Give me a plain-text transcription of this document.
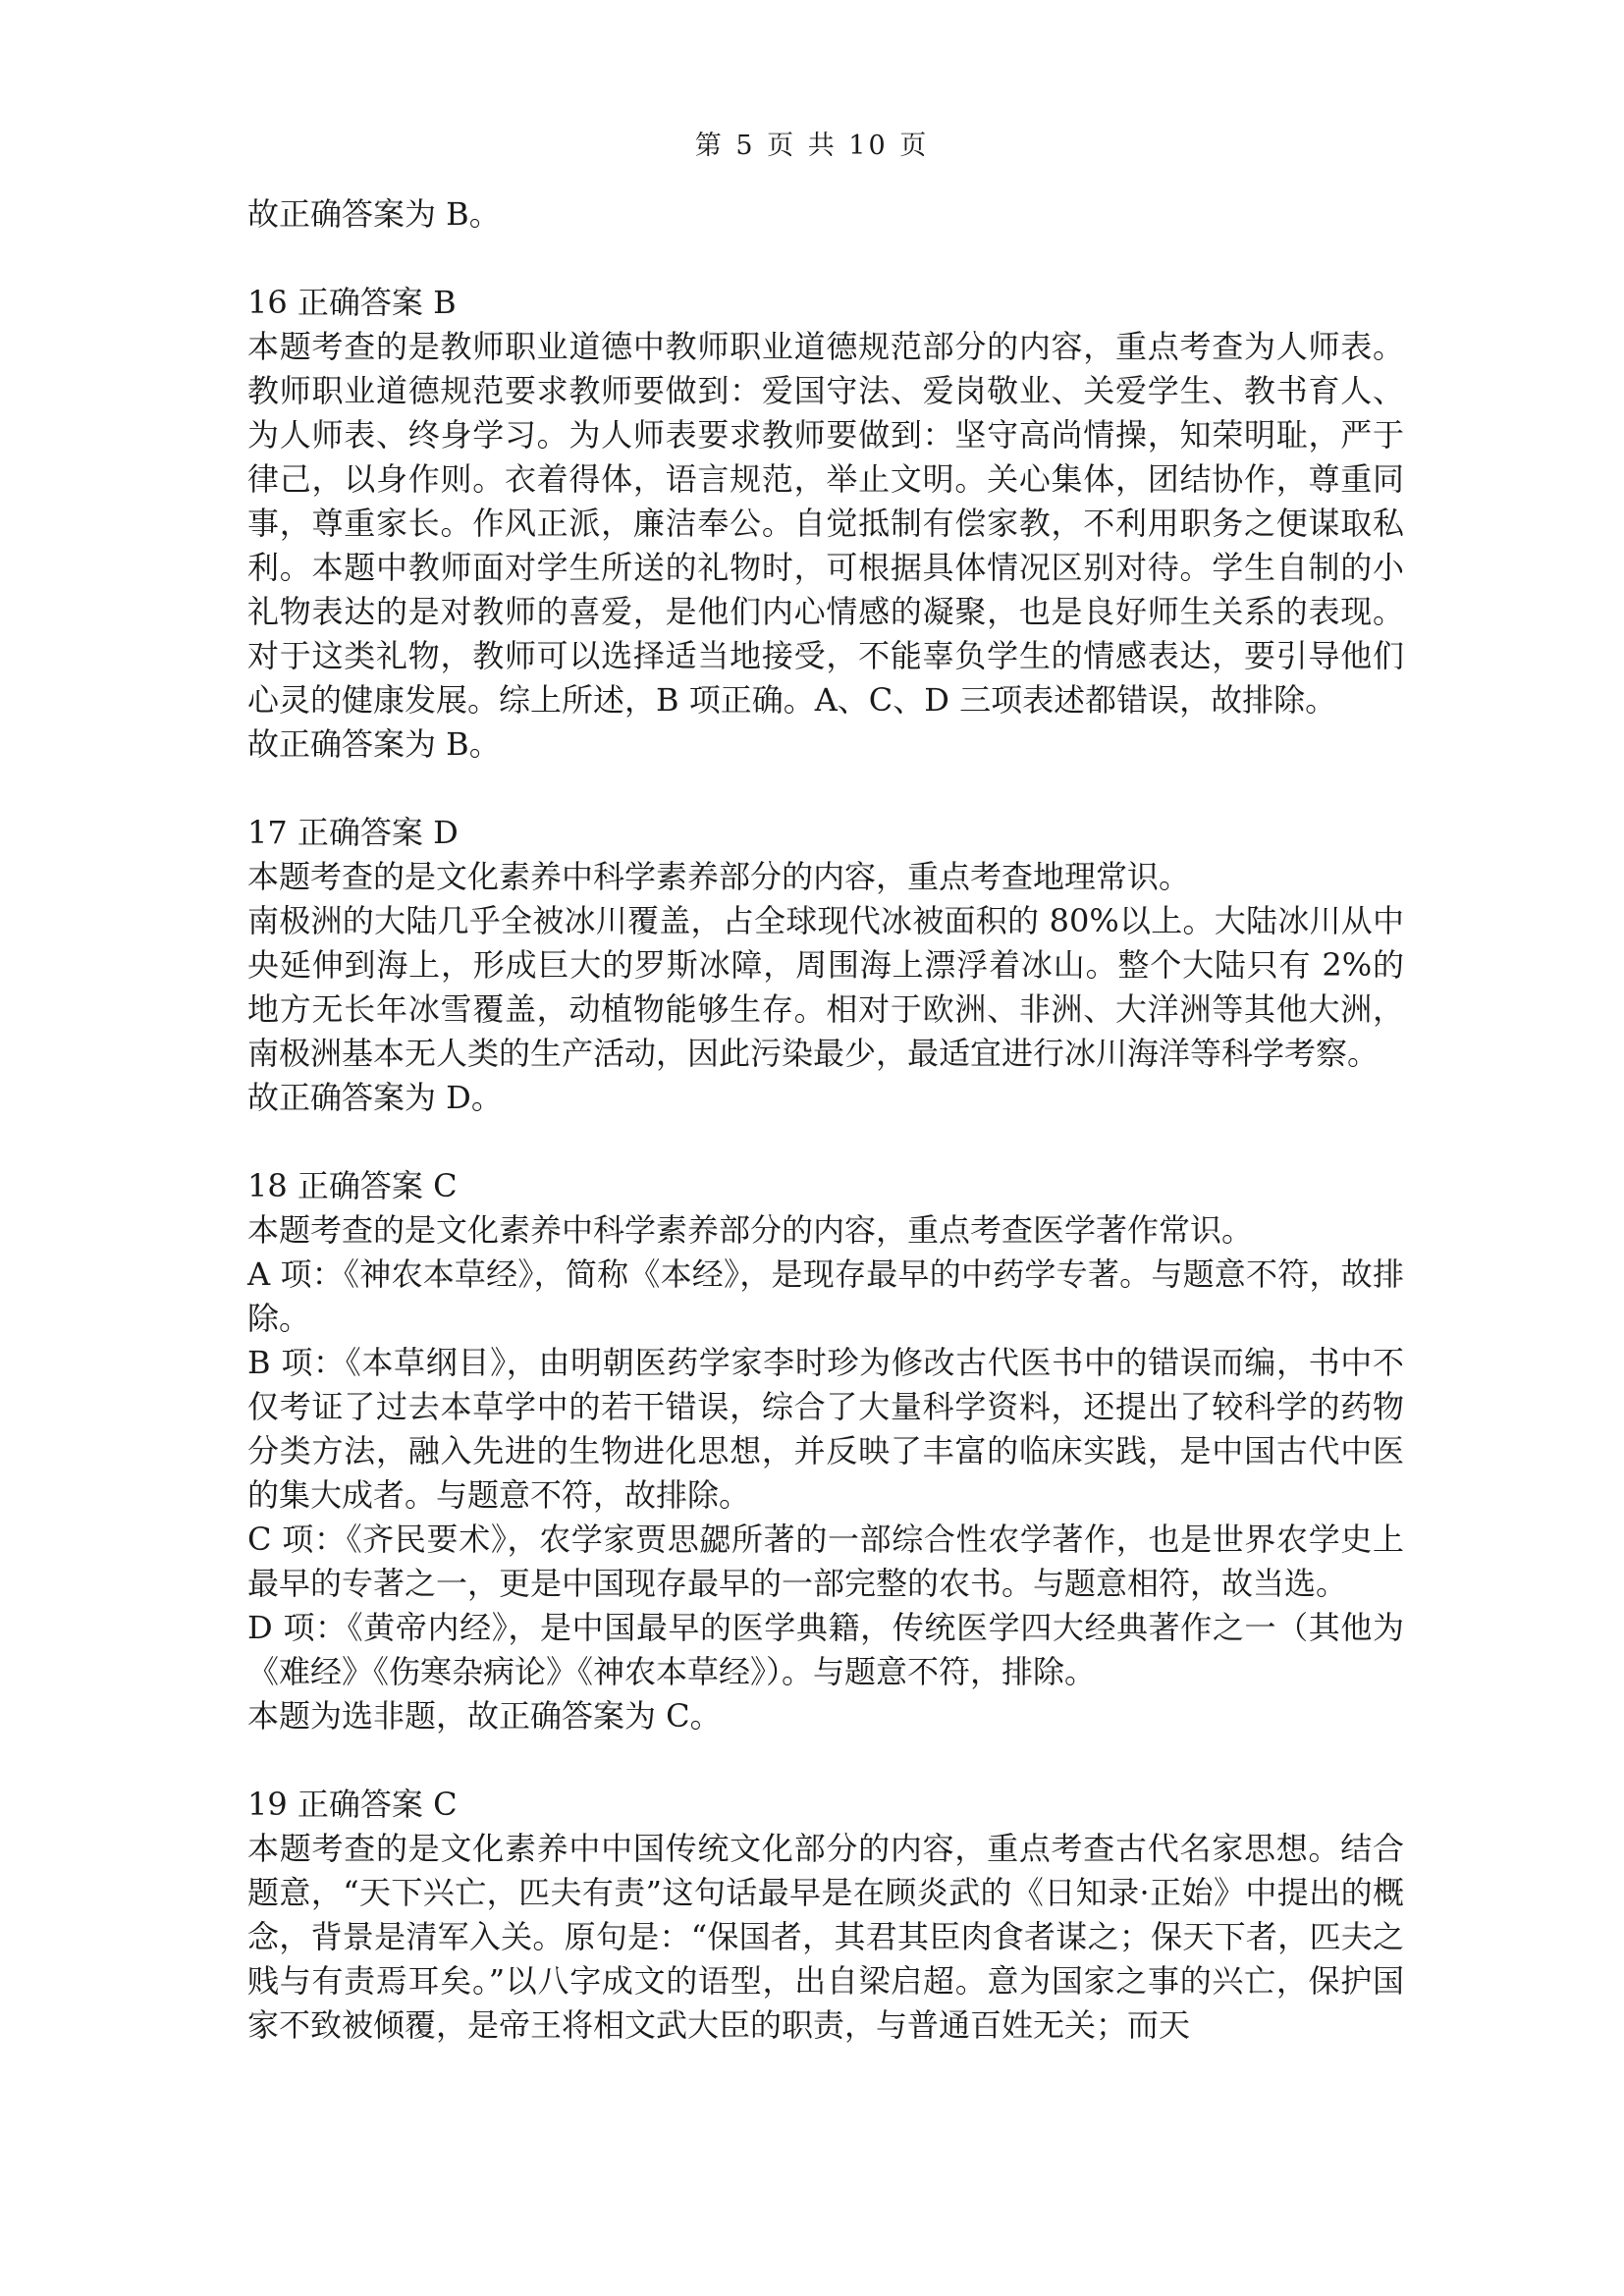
第 5 页 共 10 页

故正确答案为 B。

16 正确答案 B

本题考查的是教师职业道德中教师职业道德规范部分的内容，重点考查为人师表。教师职业道德规范要求教师要做到：爱国守法、爱岗敬业、关爱学生、教书育人、为人师表、终身学习。为人师表要求教师要做到：坚守高尚情操，知荣明耻，严于律己，以身作则。衣着得体，语言规范，举止文明。关心集体，团结协作，尊重同事，尊重家长。作风正派，廉洁奉公。自觉抵制有偿家教，不利用职务之便谋取私利。本题中教师面对学生所送的礼物时，可根据具体情况区别对待。学生自制的小礼物表达的是对教师的喜爱，是他们内心情感的凝聚，也是良好师生关系的表现。对于这类礼物，教师可以选择适当地接受，不能辜负学生的情感表达，要引导他们心灵的健康发展。综上所述，B 项正确。A、C、D 三项表述都错误，故排除。

故正确答案为 B。

17 正确答案 D

本题考查的是文化素养中科学素养部分的内容，重点考查地理常识。

南极洲的大陆几乎全被冰川覆盖，占全球现代冰被面积的 80%以上。大陆冰川从中央延伸到海上，形成巨大的罗斯冰障，周围海上漂浮着冰山。整个大陆只有 2%的地方无长年冰雪覆盖，动植物能够生存。相对于欧洲、非洲、大洋洲等其他大洲，南极洲基本无人类的生产活动，因此污染最少，最适宜进行冰川海洋等科学考察。

故正确答案为 D。

18 正确答案 C

本题考查的是文化素养中科学素养部分的内容，重点考查医学著作常识。

A 项：《神农本草经》，简称《本经》，是现存最早的中药学专著。与题意不符，故排除。

B 项：《本草纲目》，由明朝医药学家李时珍为修改古代医书中的错误而编，书中不仅考证了过去本草学中的若干错误，综合了大量科学资料，还提出了较科学的药物分类方法，融入先进的生物进化思想，并反映了丰富的临床实践，是中国古代中医的集大成者。与题意不符，故排除。

C 项：《齐民要术》，农学家贾思勰所著的一部综合性农学著作，也是世界农学史上最早的专著之一，更是中国现存最早的一部完整的农书。与题意相符，故当选。

D 项：《黄帝内经》，是中国最早的医学典籍，传统医学四大经典著作之一（其他为《难经》《伤寒杂病论》《神农本草经》）。与题意不符，排除。

本题为选非题，故正确答案为 C。

19 正确答案 C

本题考查的是文化素养中中国传统文化部分的内容，重点考查古代名家思想。结合题意，“天下兴亡，匹夫有责”这句话最早是在顾炎武的《日知录·正始》中提出的概念，背景是清军入关。原句是：“保国者，其君其臣肉食者谋之；保天下者，匹夫之贱与有责焉耳矣。”以八字成文的语型，出自梁启超。意为国家之事的兴亡，保护国家不致被倾覆，是帝王将相文武大臣的职责，与普通百姓无关；而天
